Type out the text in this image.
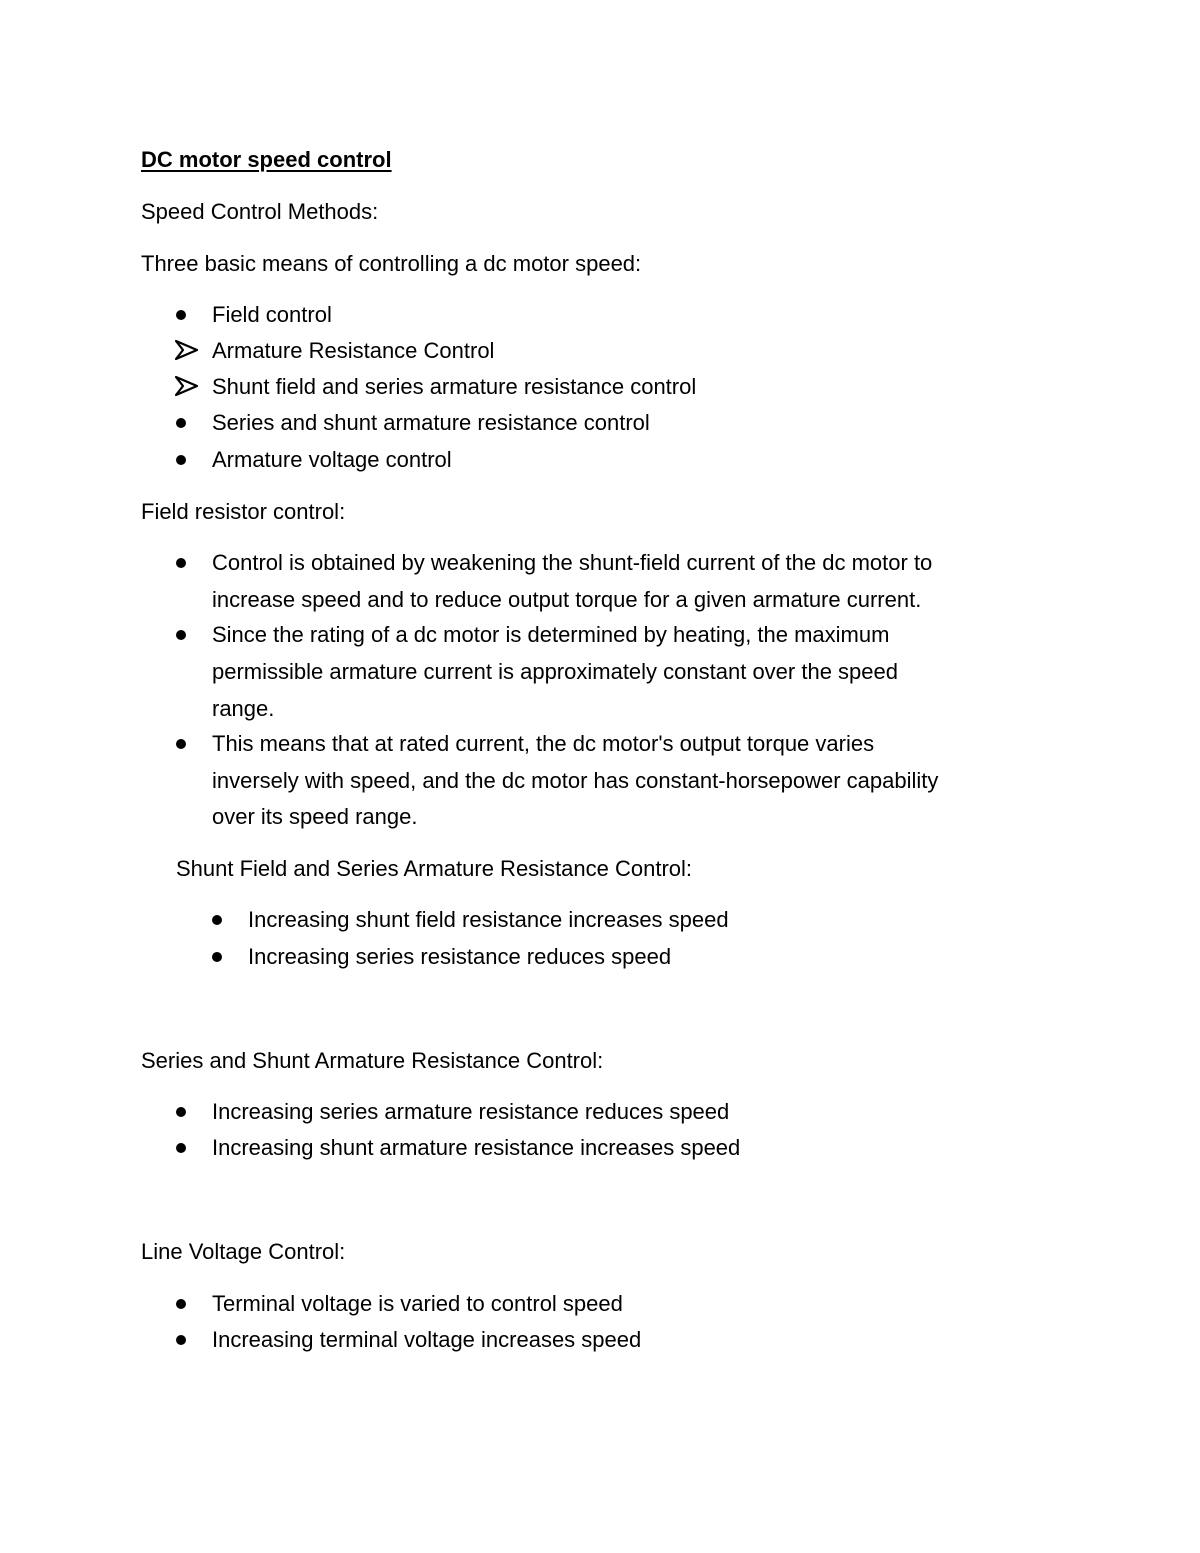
DC motor speed control
Speed Control Methods:
Three basic means of controlling a dc motor speed:
Field control
Armature Resistance Control
Shunt field and series armature resistance control
Series and shunt armature resistance control
Armature voltage control
Field resistor control:
Control is obtained by weakening the shunt-field current of the dc motor to
increase speed and to reduce output torque for a given armature current.
Since the rating of a dc motor is determined by heating, the maximum
permissible armature current is approximately constant over the speed
range.
This means that at rated current, the dc motor's output torque varies
inversely with speed, and the dc motor has constant-horsepower capability
over its speed range.
Shunt Field and Series Armature Resistance Control:
Increasing shunt field resistance increases speed
Increasing series resistance reduces speed
Series and Shunt Armature Resistance Control:
Increasing series armature resistance reduces speed
Increasing shunt armature resistance increases speed
Line Voltage Control:
Terminal voltage is varied to control speed
Increasing terminal voltage increases speed
